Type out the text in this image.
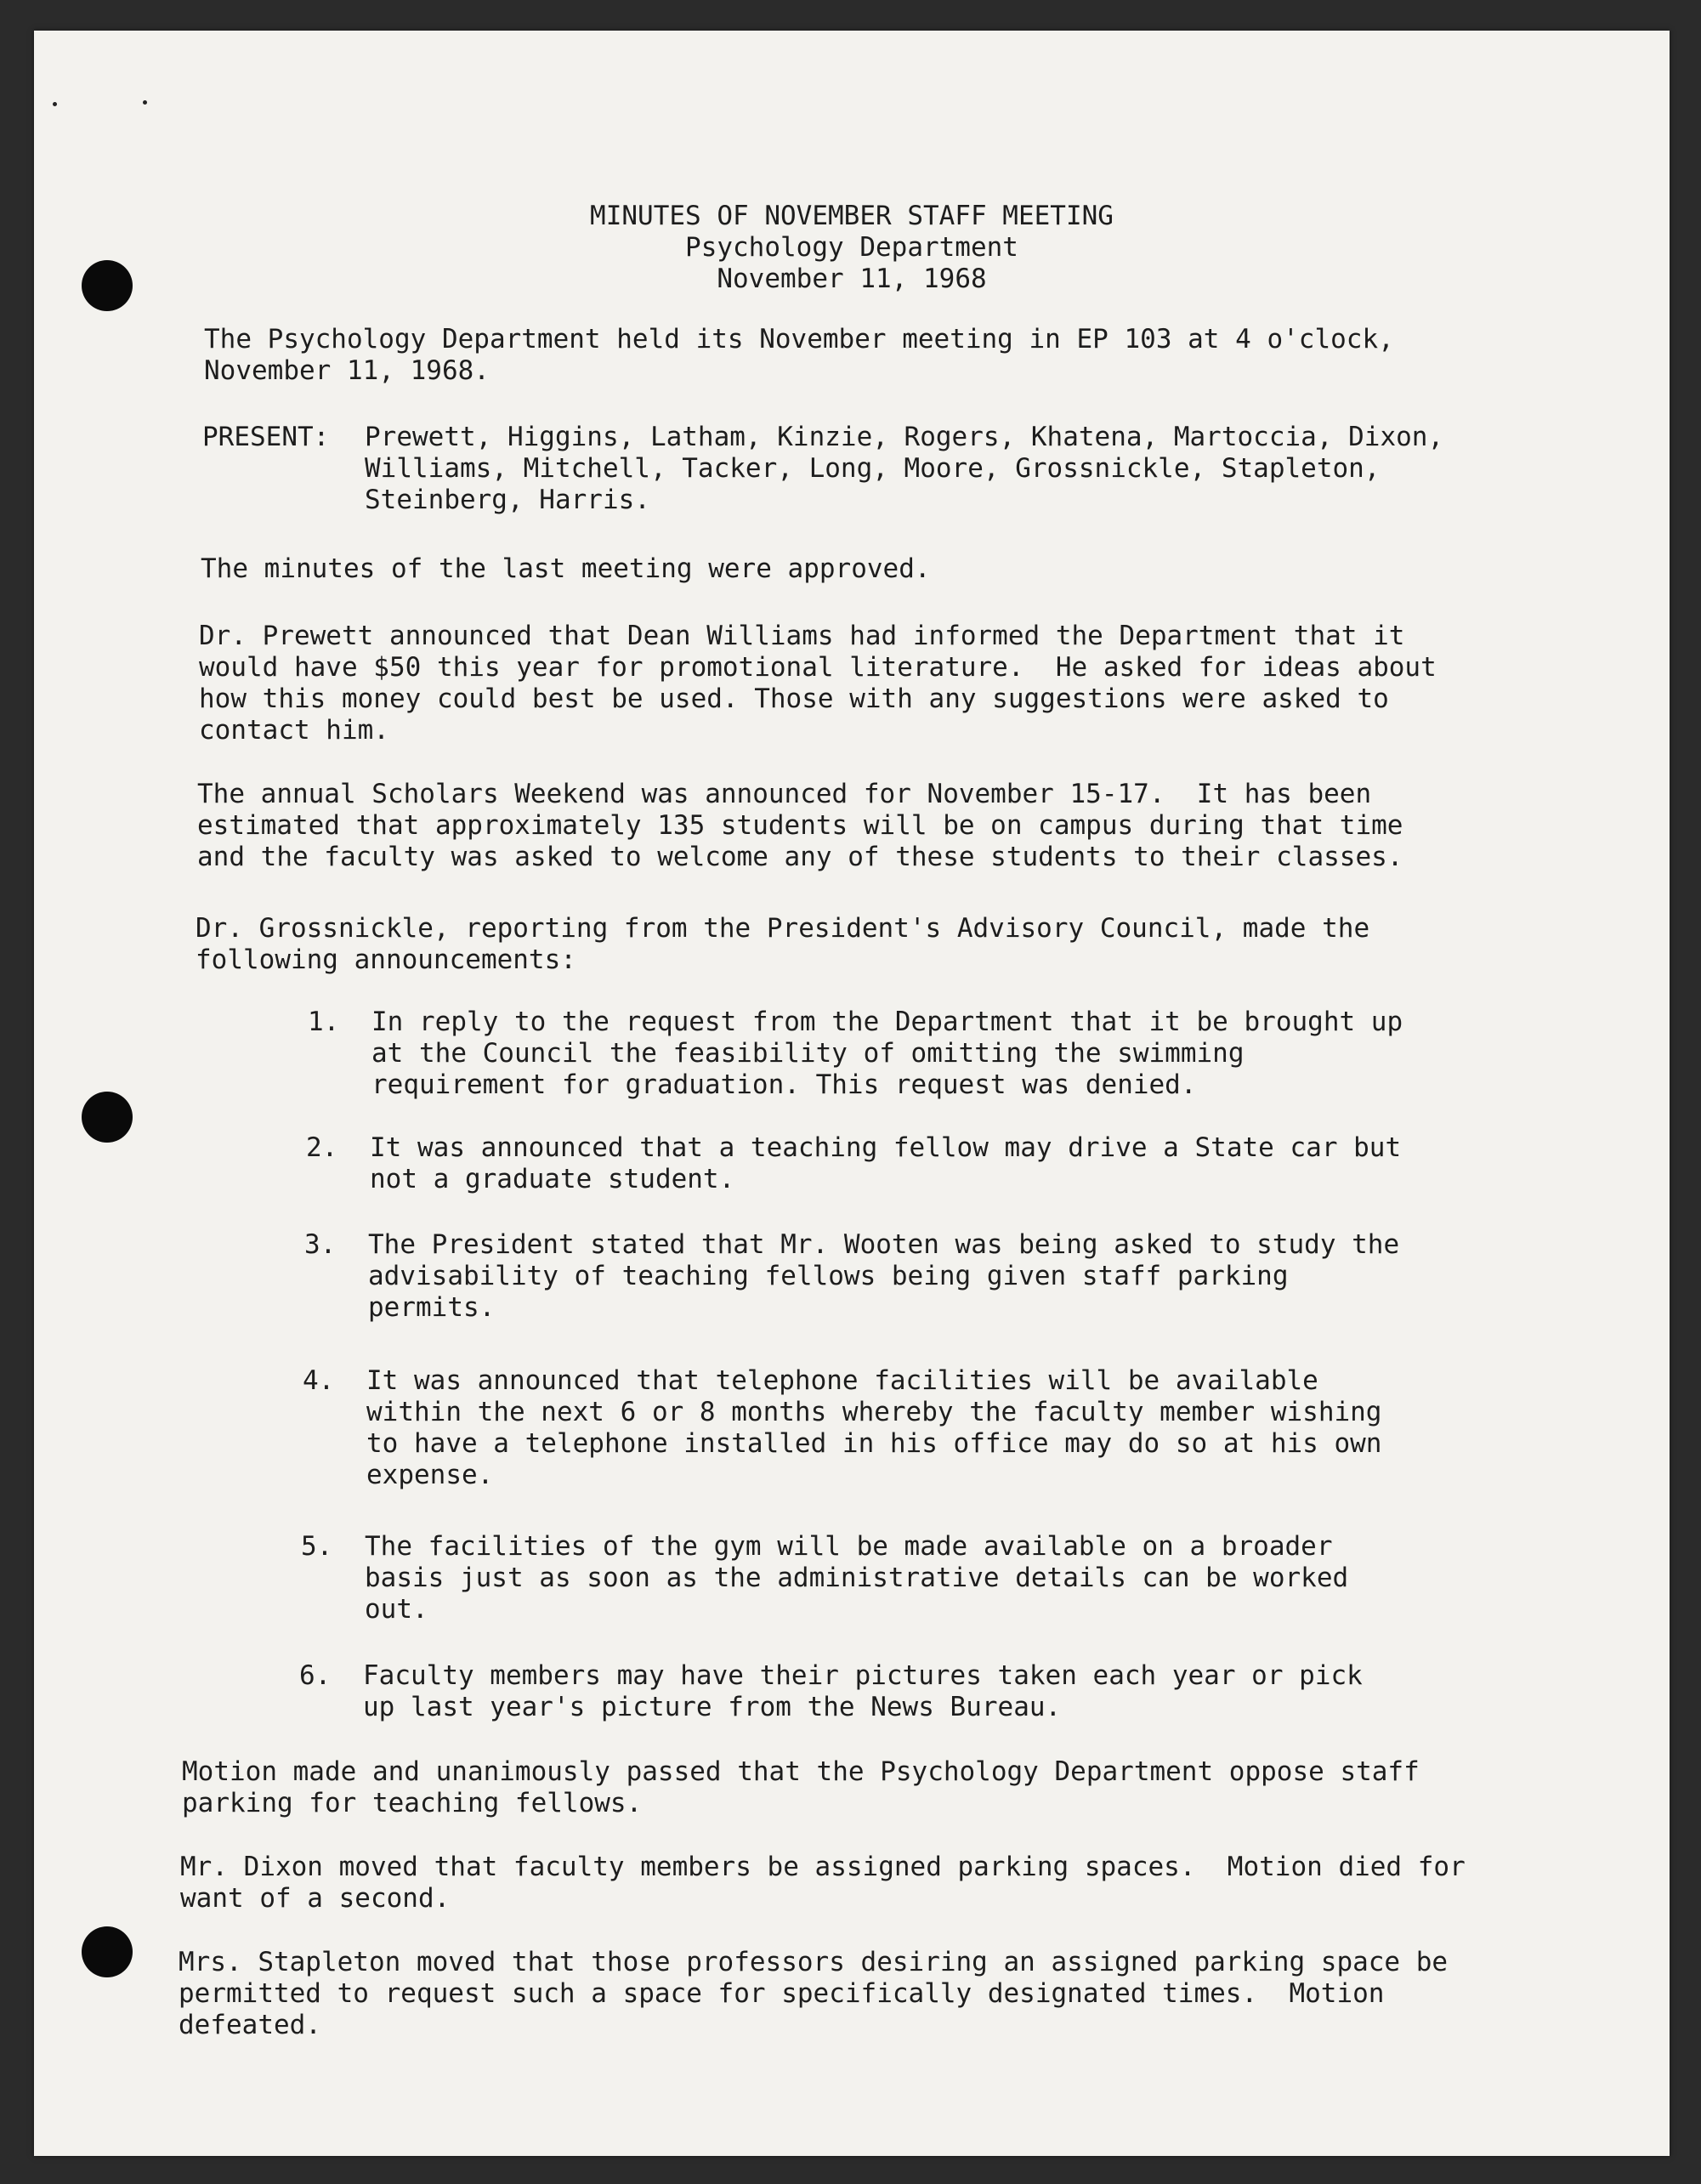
MINUTES OF NOVEMBER STAFF MEETING
Psychology Department
November 11, 1968

The Psychology Department held its November meeting in EP 103 at 4 o'clock, November 11, 1968.

PRESENT: Prewett, Higgins, Latham, Kinzie, Rogers, Khatena, Martoccia, Dixon, Williams, Mitchell, Tacker, Long, Moore, Grossnickle, Stapleton, Steinberg, Harris.

The minutes of the last meeting were approved.

Dr. Prewett announced that Dean Williams had informed the Department that it would have $50 this year for promotional literature.  He asked for ideas about how this money could best be used. Those with any suggestions were asked to contact him.

The annual Scholars Weekend was announced for November 15-17.  It has been estimated that approximately 135 students will be on campus during that time and the faculty was asked to welcome any of these students to their classes.

Dr. Grossnickle, reporting from the President's Advisory Council, made the following announcements:

1. In reply to the request from the Department that it be brought up at the Council the feasibility of omitting the swimming requirement for graduation. This request was denied.
2. It was announced that a teaching fellow may drive a State car but not a graduate student.
3. The President stated that Mr. Wooten was being asked to study the advisability of teaching fellows being given staff parking permits.
4. It was announced that telephone facilities will be available within the next 6 or 8 months whereby the faculty member wishing to have a telephone installed in his office may do so at his own expense.
5. The facilities of the gym will be made available on a broader basis just as soon as the administrative details can be worked out.
6. Faculty members may have their pictures taken each year or pick up last year's picture from the News Bureau.

Motion made and unanimously passed that the Psychology Department oppose staff parking for teaching fellows.

Mr. Dixon moved that faculty members be assigned parking spaces.  Motion died for want of a second.

Mrs. Stapleton moved that those professors desiring an assigned parking space be permitted to request such a space for specifically designated times.  Motion defeated.
